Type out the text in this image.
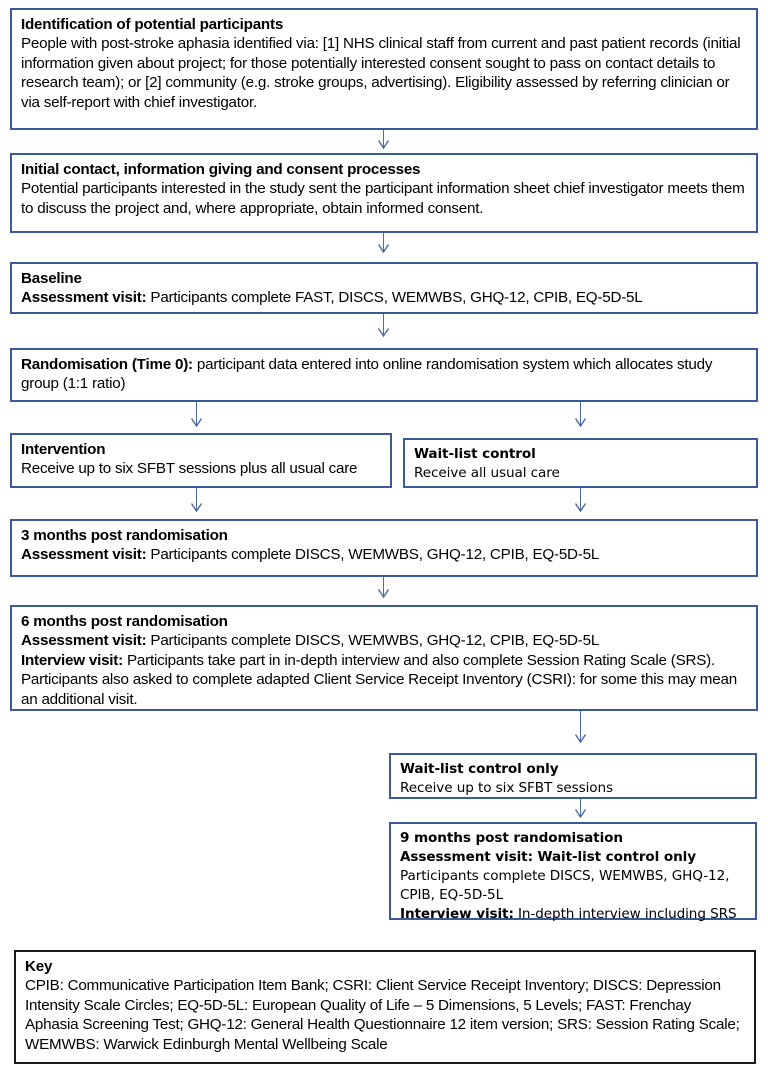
Identification of potential participants
People with post-stroke aphasia identified via: [1] NHS clinical staff from current and past patient records (initial information given about project; for those potentially interested consent sought to pass on contact details to research team); or [2] community (e.g. stroke groups, advertising). Eligibility assessed by referring clinician or via self-report with chief investigator.
Initial contact, information giving and consent processes
Potential participants interested in the study sent the participant information sheet chief investigator meets them to discuss the project and, where appropriate, obtain informed consent.
Baseline
Assessment visit: Participants complete FAST, DISCS, WEMWBS, GHQ-12, CPIB, EQ-5D-5L
Randomisation (Time 0): participant data entered into online randomisation system which allocates study group (1:1 ratio)
Intervention
Receive up to six SFBT sessions plus all usual care
Wait-list control
Receive all usual care
3 months post randomisation
Assessment visit: Participants complete DISCS, WEMWBS, GHQ-12, CPIB, EQ-5D-5L
6 months post randomisation
Assessment visit: Participants complete DISCS, WEMWBS, GHQ-12, CPIB, EQ-5D-5L
Interview visit: Participants take part in in-depth interview and also complete Session Rating Scale (SRS). Participants also asked to complete adapted Client Service Receipt Inventory (CSRI): for some this may mean an additional visit.
Wait-list control only
Receive up to six SFBT sessions
9 months post randomisation
Assessment visit: Wait-list control only
Participants complete DISCS, WEMWBS, GHQ-12, CPIB, EQ-5D-5L
Interview visit: In-depth interview including SRS
Key
CPIB: Communicative Participation Item Bank; CSRI: Client Service Receipt Inventory; DISCS: Depression Intensity Scale Circles; EQ-5D-5L: European Quality of Life – 5 Dimensions, 5 Levels; FAST: Frenchay Aphasia Screening Test; GHQ-12: General Health Questionnaire 12 item version; SRS: Session Rating Scale; WEMWBS: Warwick Edinburgh Mental Wellbeing Scale
